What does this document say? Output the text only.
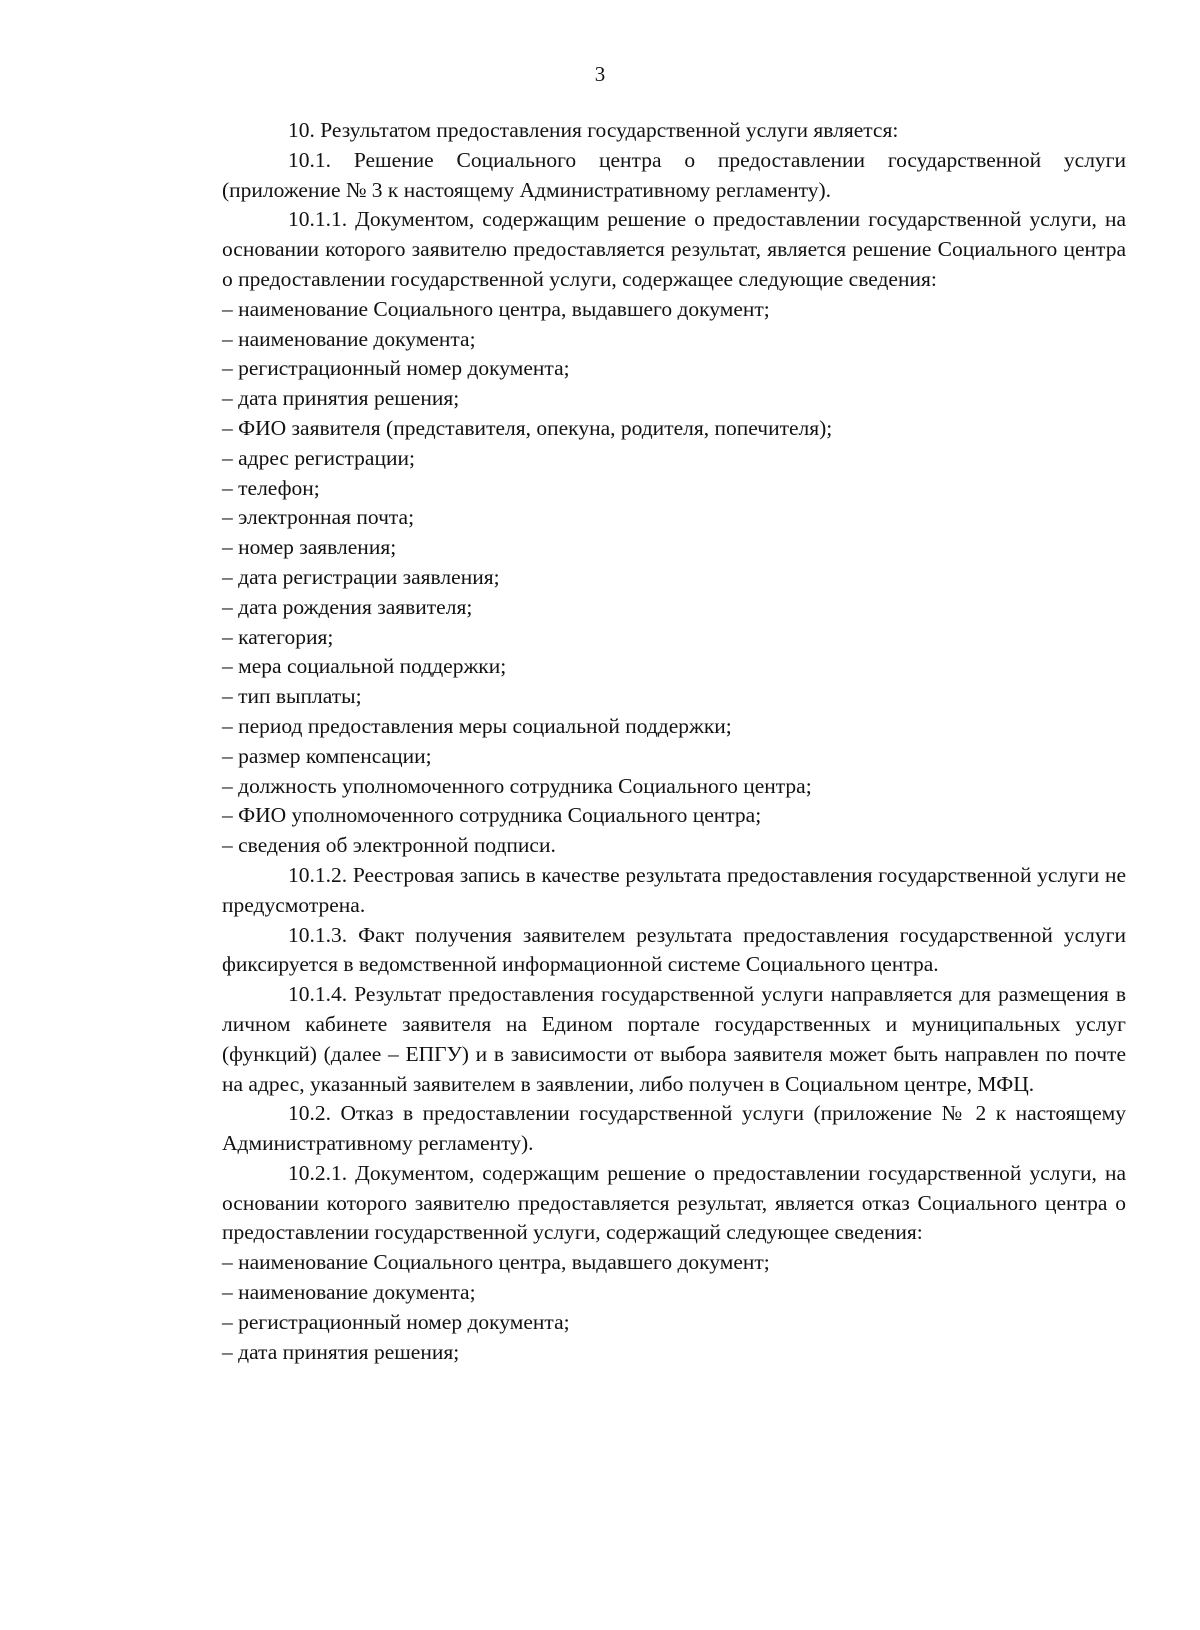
3

10. Результатом предоставления государственной услуги является:

10.1. Решение Социального центра о предоставлении государственной услуги (приложение № 3 к настоящему Административному регламенту).

10.1.1. Документом, содержащим решение о предоставлении государственной услуги, на основании которого заявителю предоставляется результат, является решение Социального центра о предоставлении государственной услуги, содержащее следующие сведения:

– наименование Социального центра, выдавшего документ;

– наименование документа;

– регистрационный номер документа;

– дата принятия решения;

– ФИО заявителя (представителя, опекуна, родителя, попечителя);

– адрес регистрации;

– телефон;

– электронная почта;

– номер заявления;

– дата регистрации заявления;

– дата рождения заявителя;

– категория;

– мера социальной поддержки;

– тип выплаты;

– период предоставления меры социальной поддержки;

– размер компенсации;

– должность уполномоченного сотрудника Социального центра;

– ФИО уполномоченного сотрудника Социального центра;

– сведения об электронной подписи.

10.1.2. Реестровая запись в качестве результата предоставления государственной услуги не предусмотрена.

10.1.3. Факт получения заявителем результата предоставления государственной услуги фиксируется в ведомственной информационной системе Социального центра.

10.1.4. Результат предоставления государственной услуги направляется для размещения в личном кабинете заявителя на Едином портале государственных и муниципальных услуг (функций) (далее – ЕПГУ) и в зависимости от выбора заявителя может быть направлен по почте на адрес, указанный заявителем в заявлении, либо получен в Социальном центре, МФЦ.

10.2. Отказ в предоставлении государственной услуги (приложение № 2 к настоящему Административному регламенту).

10.2.1. Документом, содержащим решение о предоставлении государственной услуги, на основании которого заявителю предоставляется результат, является отказ Социального центра о предоставлении государственной услуги, содержащий следующее сведения:

– наименование Социального центра, выдавшего документ;

– наименование документа;

– регистрационный номер документа;

– дата принятия решения;
